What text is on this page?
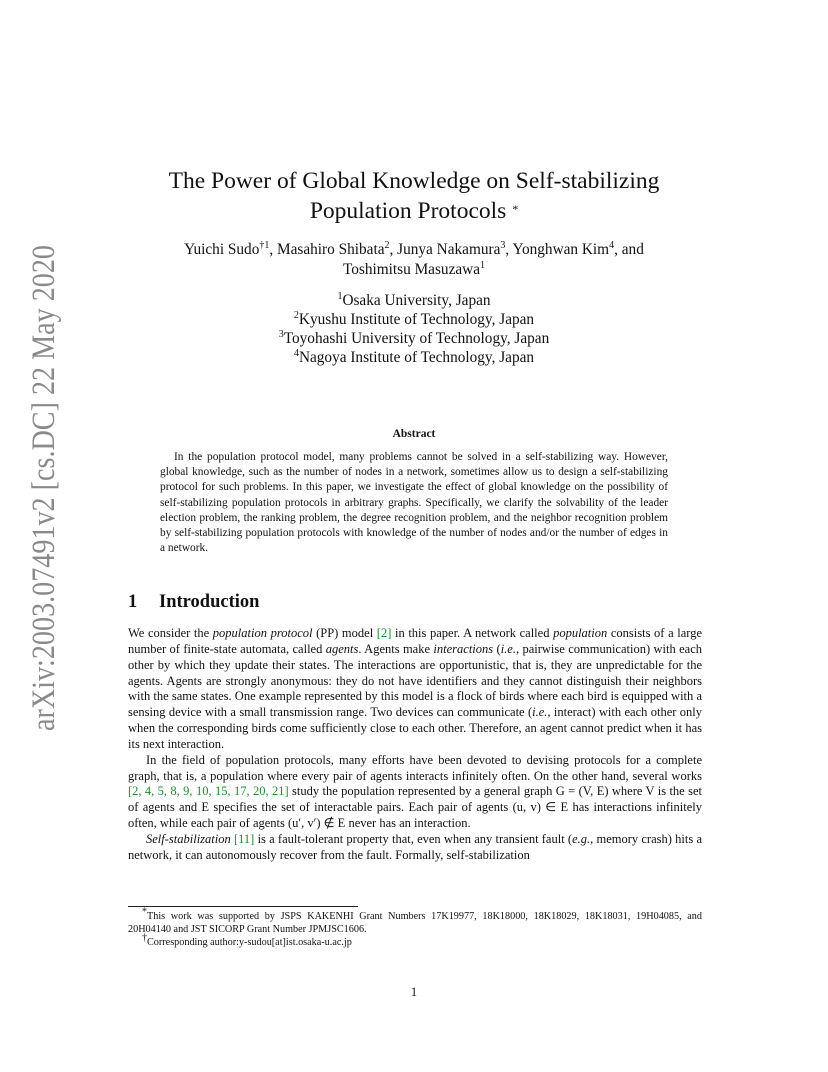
arXiv:2003.07491v2 [cs.DC] 22 May 2020	The Power of Global Knowledge on Self-stabilizing
Population Protocols *
Yuichi Sudo$^{\dagger 1}$, Masahiro Shibata$^2$, Junya Nakamura$^3$, Yonghwan Kim$^4$, and
Toshimitsu Masuzawa$^1$
$^1$Osaka University, Japan
$^2$Kyushu Institute of Technology, Japan
$^3$Toyohashi University of Technology, Japan
$^4$Nagoya Institute of Technology, Japan
Abstract
In the population protocol model, many problems cannot be solved in a self-stabilizing way. However, global knowledge, such as the number of nodes in a network, sometimes allow us to design a self-stabilizing protocol for such problems. In this paper, we investigate the effect of global knowledge on the possibility of self-stabilizing population protocols in arbitrary graphs. Specifically, we clarify the solvability of the leader election problem, the ranking problem, the degree recognition problem, and the neighbor recognition problem by self-stabilizing population protocols with knowledge of the number of nodes and/or the number of edges in a network.
1 Introduction

We consider the population protocol (PP) model [2] in this paper. A network called population consists of a large number of finite-state automata, called agents. Agents make interactions (i.e., pairwise communication) with each other by which they update their states. The interactions are opportunistic, that is, they are unpredictable for the agents. Agents are strongly anonymous: they do not have identifiers and they cannot distinguish their neighbors with the same states. One example represented by this model is a flock of birds where each bird is equipped with a sensing device with a small transmission range. Two devices can communicate (i.e., interact) with each other only when the corresponding birds come sufficiently close to each other. Therefore, an agent cannot predict when it has its next interaction.

In the field of population protocols, many efforts have been devoted to devising protocols for a complete graph, that is, a population where every pair of agents interacts infinitely often. On the other hand, several works [2, 4, 5, 8, 9, 10, 15, 17, 20, 21] study the population represented by a general graph G = (V, E) where V is the set of agents and E specifies the set of interactable pairs. Each pair of agents (u, v) ∈ E has interactions infinitely often, while each pair of agents (u′, v′) ∉ E never has an interaction.

Self-stabilization [11] is a fault-tolerant property that, even when any transient fault (e.g., memory crash) hits a network, it can autonomously recover from the fault. Formally, self-stabilization

*This work was supported by JSPS KAKENHI Grant Numbers 17K19977, 18K18000, 18K18029, 18K18031, 19H04085, and 20H04140 and JST SICORP Grant Number JPMJSC1606.
†Corresponding author:y-sudou[at]ist.osaka-u.ac.jp
1
